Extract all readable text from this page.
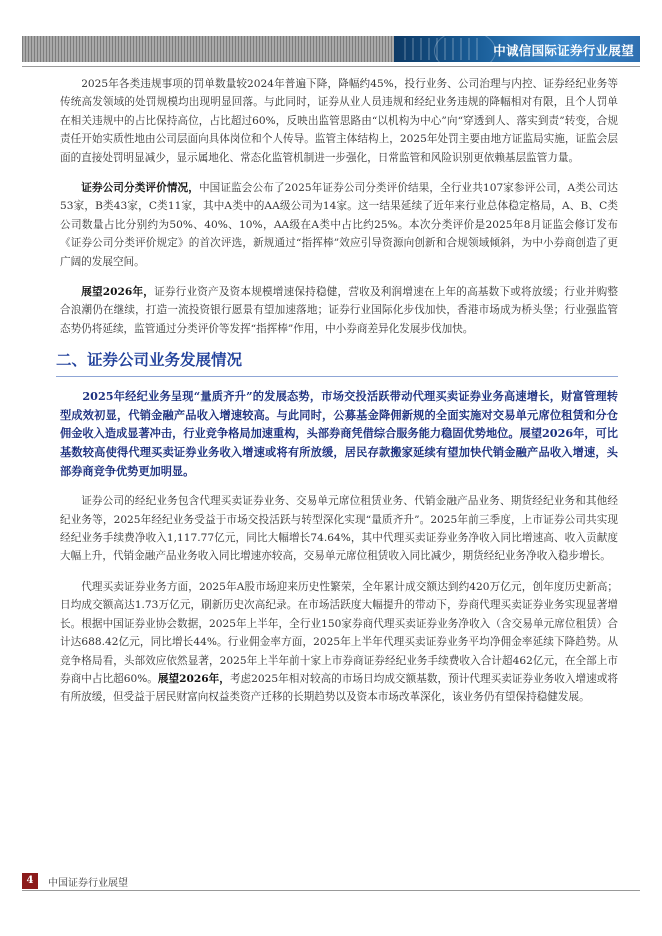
中诚信国际证券行业展望

2025年各类违规事项的罚单数量较2024年普遍下降，降幅约45%，投行业务、公司治理与内控、证券经纪业务等传统高发领域的处罚规模均出现明显回落。与此同时，证券从业人员违规和经纪业务违规的降幅相对有限，且个人罚单在相关违规中的占比保持高位，占比超过60%，反映出监管思路由“以机构为中心”向“穿透到人、落实到责”转变，合规责任开始实质性地由公司层面向具体岗位和个人传导。监管主体结构上，2025年处罚主要由地方证监局实施，证监会层面的直接处罚明显减少，显示属地化、常态化监管机制进一步强化，日常监管和风险识别更依赖基层监管力量。

证券公司分类评价情况，中国证监会公布了2025年证券公司分类评价结果，全行业共107家参评公司，A类公司达53家，B类43家，C类11家，其中A类中的AA级公司为14家。这一结果延续了近年来行业总体稳定格局，A、B、C类公司数量占比分别约为50%、40%、10%，AA级在A类中占比约25%。本次分类评价是2025年8月证监会修订发布《证券公司分类评价规定》的首次评选，新规通过“指挥棒”效应引导资源向创新和合规领域倾斜，为中小券商创造了更广阔的发展空间。

展望2026年，证券行业资产及资本规模增速保持稳健，营收及利润增速在上年的高基数下或将放缓；行业并购整合浪潮仍在继续，打造一流投资银行愿景有望加速落地；证券行业国际化步伐加快，香港市场成为桥头堡；行业强监管态势仍将延续，监管通过分类评价等发挥“指挥棒”作用，中小券商差异化发展步伐加快。

二、证券公司业务发展情况

2025年经纪业务呈现“量质齐升”的发展态势，市场交投活跃带动代理买卖证券业务高速增长，财富管理转型成效初显，代销金融产品收入增速较高。与此同时，公募基金降佣新规的全面实施对交易单元席位租赁和分仓佣金收入造成显著冲击，行业竞争格局加速重构，头部券商凭借综合服务能力稳固优势地位。展望2026年，可比基数较高使得代理买卖证券业务收入增速或将有所放缓，居民存款搬家延续有望加快代销金融产品收入增速，头部券商竞争优势更加明显。

证券公司的经纪业务包含代理买卖证券业务、交易单元席位租赁业务、代销金融产品业务、期货经纪业务和其他经纪业务等，2025年经纪业务受益于市场交投活跃与转型深化实现“量质齐升”。2025年前三季度，上市证券公司共实现经纪业务手续费净收入1,117.77亿元，同比大幅增长74.64%，其中代理买卖证券业务净收入同比增速高、收入贡献度大幅上升，代销金融产品业务收入同比增速亦较高，交易单元席位租赁收入同比减少，期货经纪业务净收入稳步增长。

代理买卖证券业务方面，2025年A股市场迎来历史性繁荣，全年累计成交额达到约420万亿元，创年度历史新高；日均成交额高达1.73万亿元，刷新历史次高纪录。在市场活跃度大幅提升的带动下，券商代理买卖证券业务实现显著增长。根据中国证券业协会数据，2025年上半年，全行业150家券商代理买卖证券业务净收入（含交易单元席位租赁）合计达688.42亿元，同比增长44%。行业佣金率方面，2025年上半年代理买卖证券业务平均净佣金率延续下降趋势。从竞争格局看，头部效应依然显著，2025年上半年前十家上市券商证券经纪业务手续费收入合计超462亿元，在全部上市券商中占比超60%。展望2026年，考虑2025年相对较高的市场日均成交额基数，预计代理买卖证券业务收入增速或将有所放缓，但受益于居民财富向权益类资产迁移的长期趋势以及资本市场改革深化，该业务仍有望保持稳健发展。

4	中国证券行业展望
